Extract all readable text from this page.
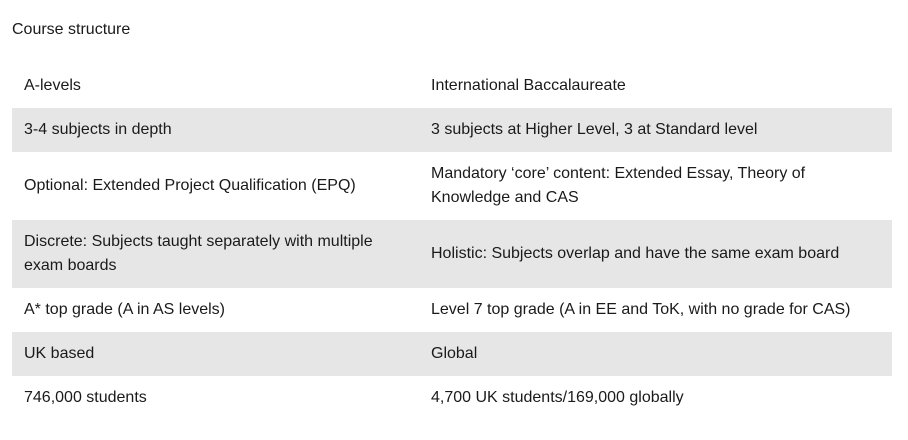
Course structure
A-levels	International Baccalaureate
3-4 subjects in depth	3 subjects at Higher Level, 3 at Standard level
Optional: Extended Project Qualification (EPQ)	Mandatory ‘core’ content: Extended Essay, Theory of Knowledge and CAS
Discrete: Subjects taught separately with multiple exam boards	Holistic: Subjects overlap and have the same exam board
A* top grade (A in AS levels)	Level 7 top grade (A in EE and ToK, with no grade for CAS)
UK based	Global
746,000 students	4,700 UK students/169,000 globally
